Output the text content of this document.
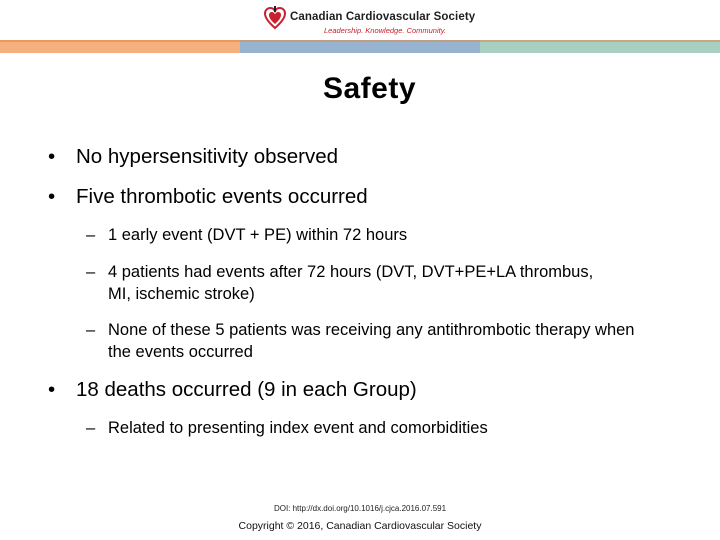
Canadian Cardiovascular Society
Leadership. Knowledge. Community.
Safety
• No hypersensitivity observed
• Five thrombotic events occurred
– 1 early event (DVT + PE) within 72 hours
– 4 patients had events after 72 hours (DVT, DVT+PE+LA thrombus, MI, ischemic stroke)
– None of these 5 patients was receiving any antithrombotic therapy when the events occurred
• 18 deaths occurred (9 in each Group)
– Related to presenting index event and comorbidities
DOI: http://dx.doi.org/10.1016/j.cjca.2016.07.591
Copyright © 2016, Canadian Cardiovascular Society
